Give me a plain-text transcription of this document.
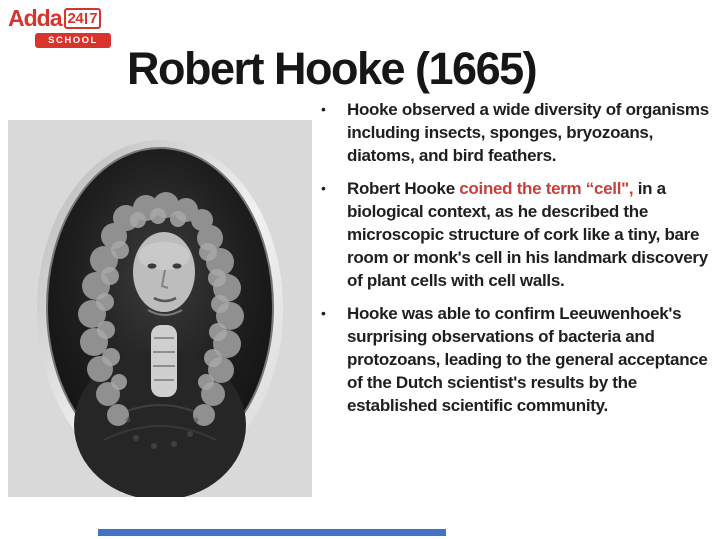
Adda 24 7
SCHOOL
Robert Hooke (1665)
•	Hooke observed a wide diversity of organisms including insects, sponges, bryozoans, diatoms, and bird feathers.
•	Robert Hooke coined the term “cell", in a biological context, as he described the microscopic structure of cork like a tiny, bare room or monk's cell in his landmark discovery of plant cells with cell walls.
•	Hooke was able to confirm Leeuwenhoek's surprising observations of bacteria and protozoans, leading to the general acceptance of the Dutch scientist's results by the established scientific community.
